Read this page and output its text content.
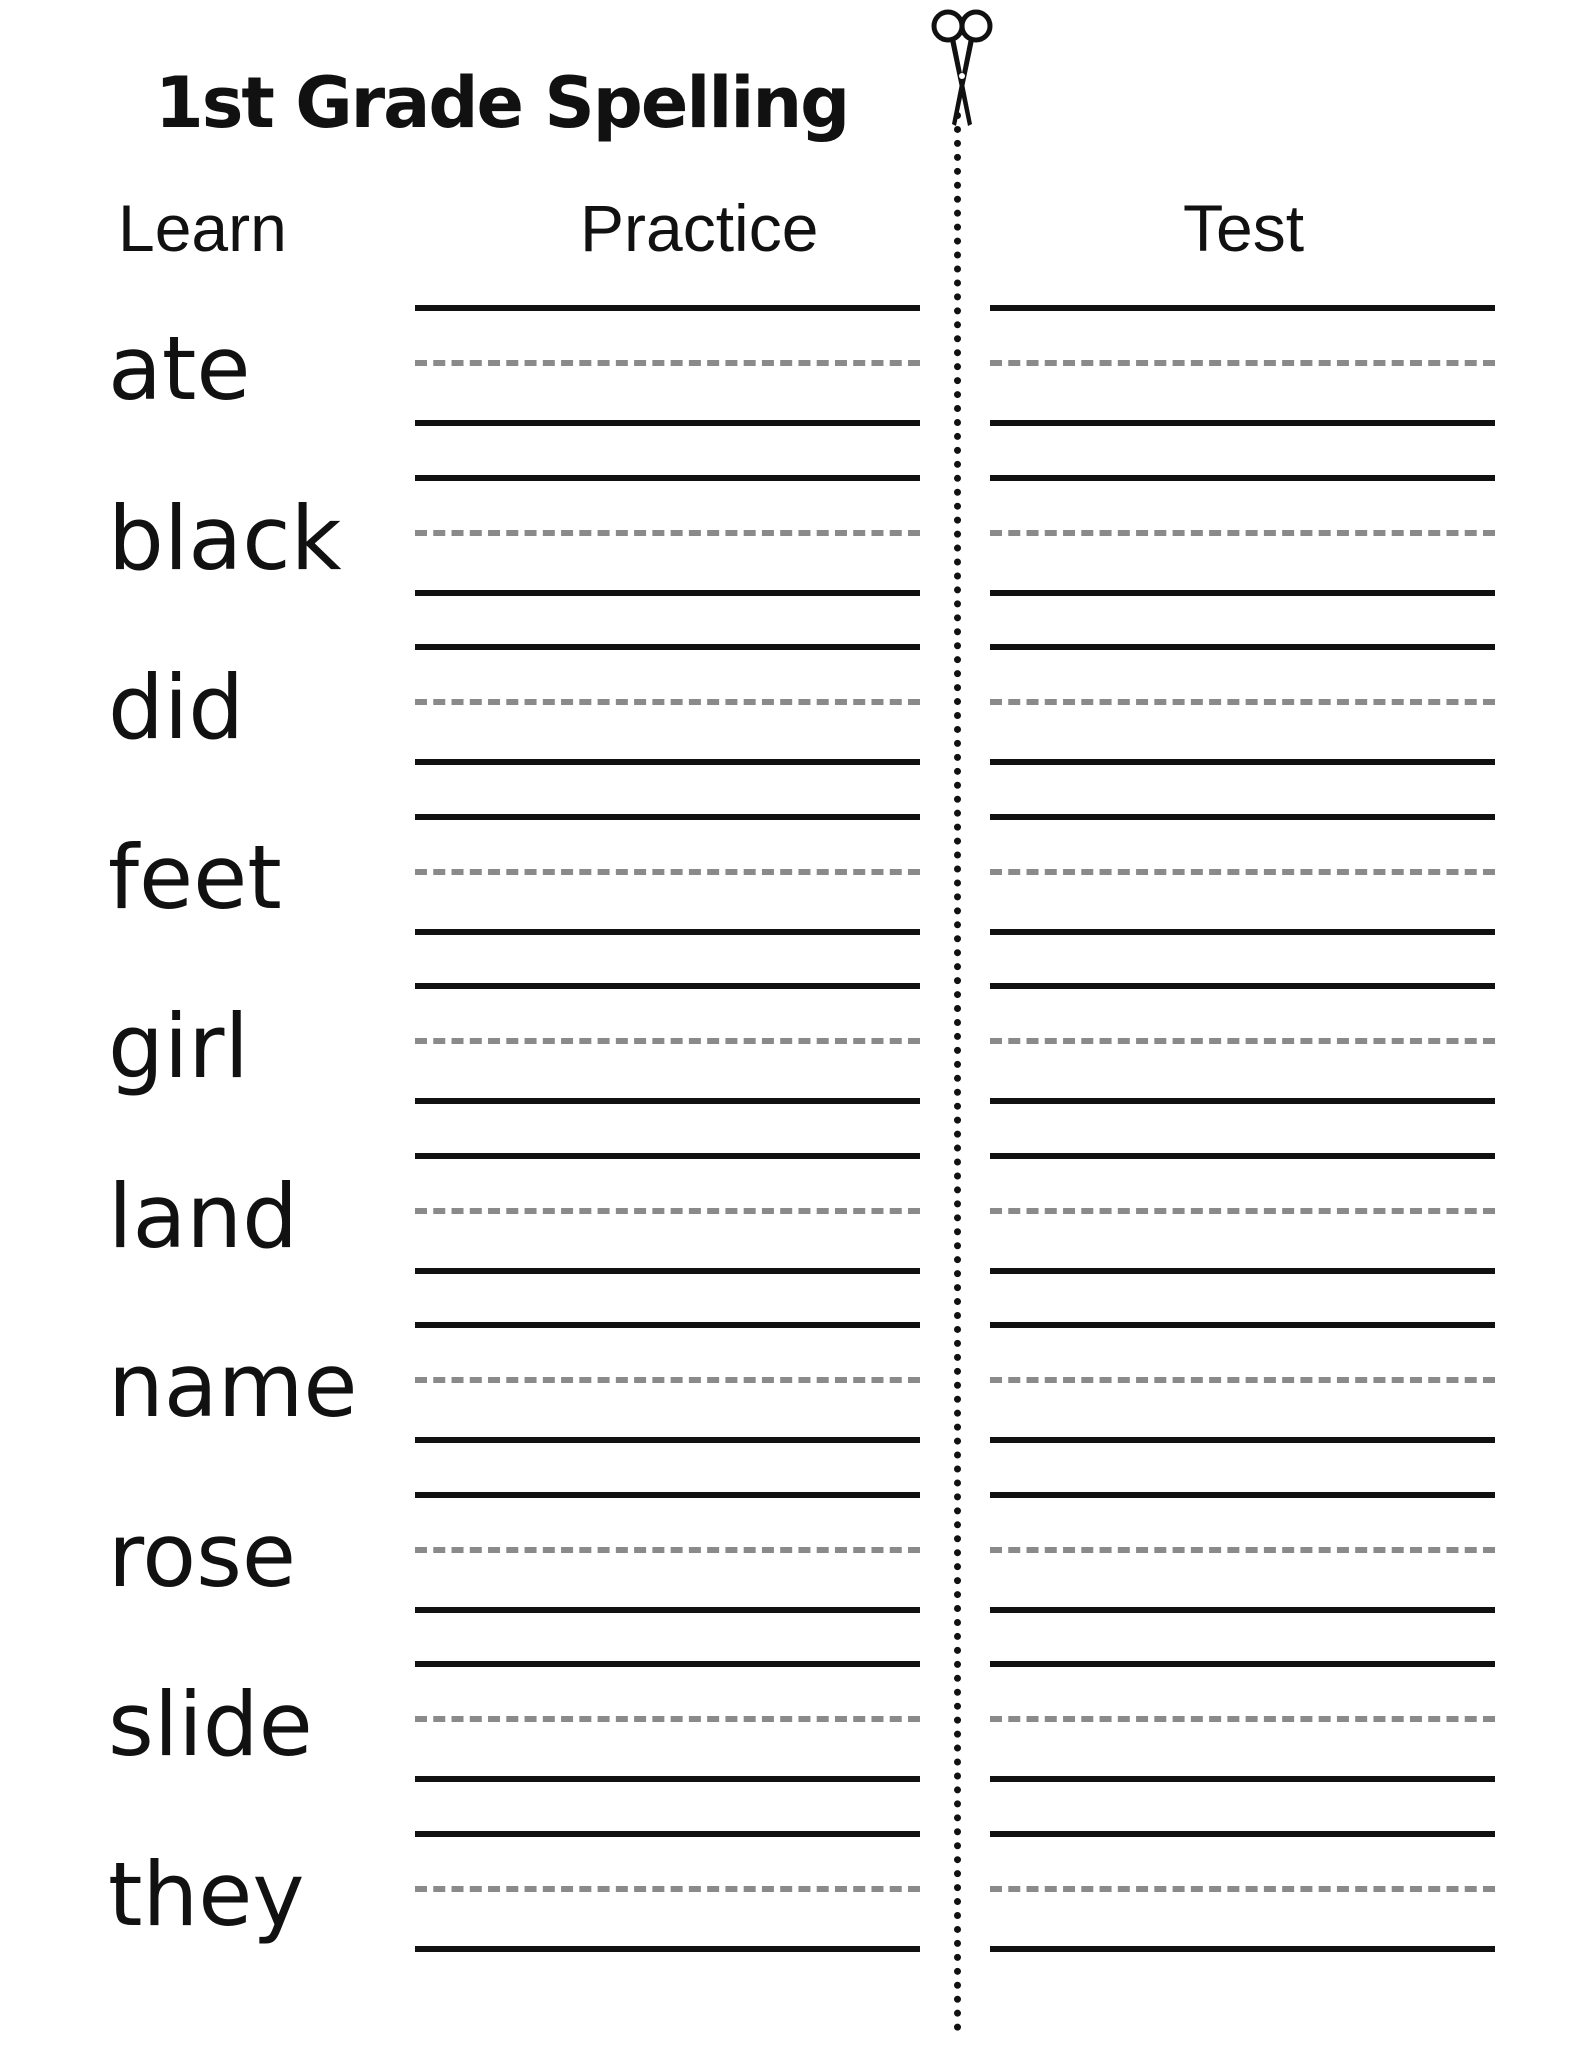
1st Grade Spelling
Learn	Practice	Test
ate
black
did
feet
girl
land
name
rose
slide
they
